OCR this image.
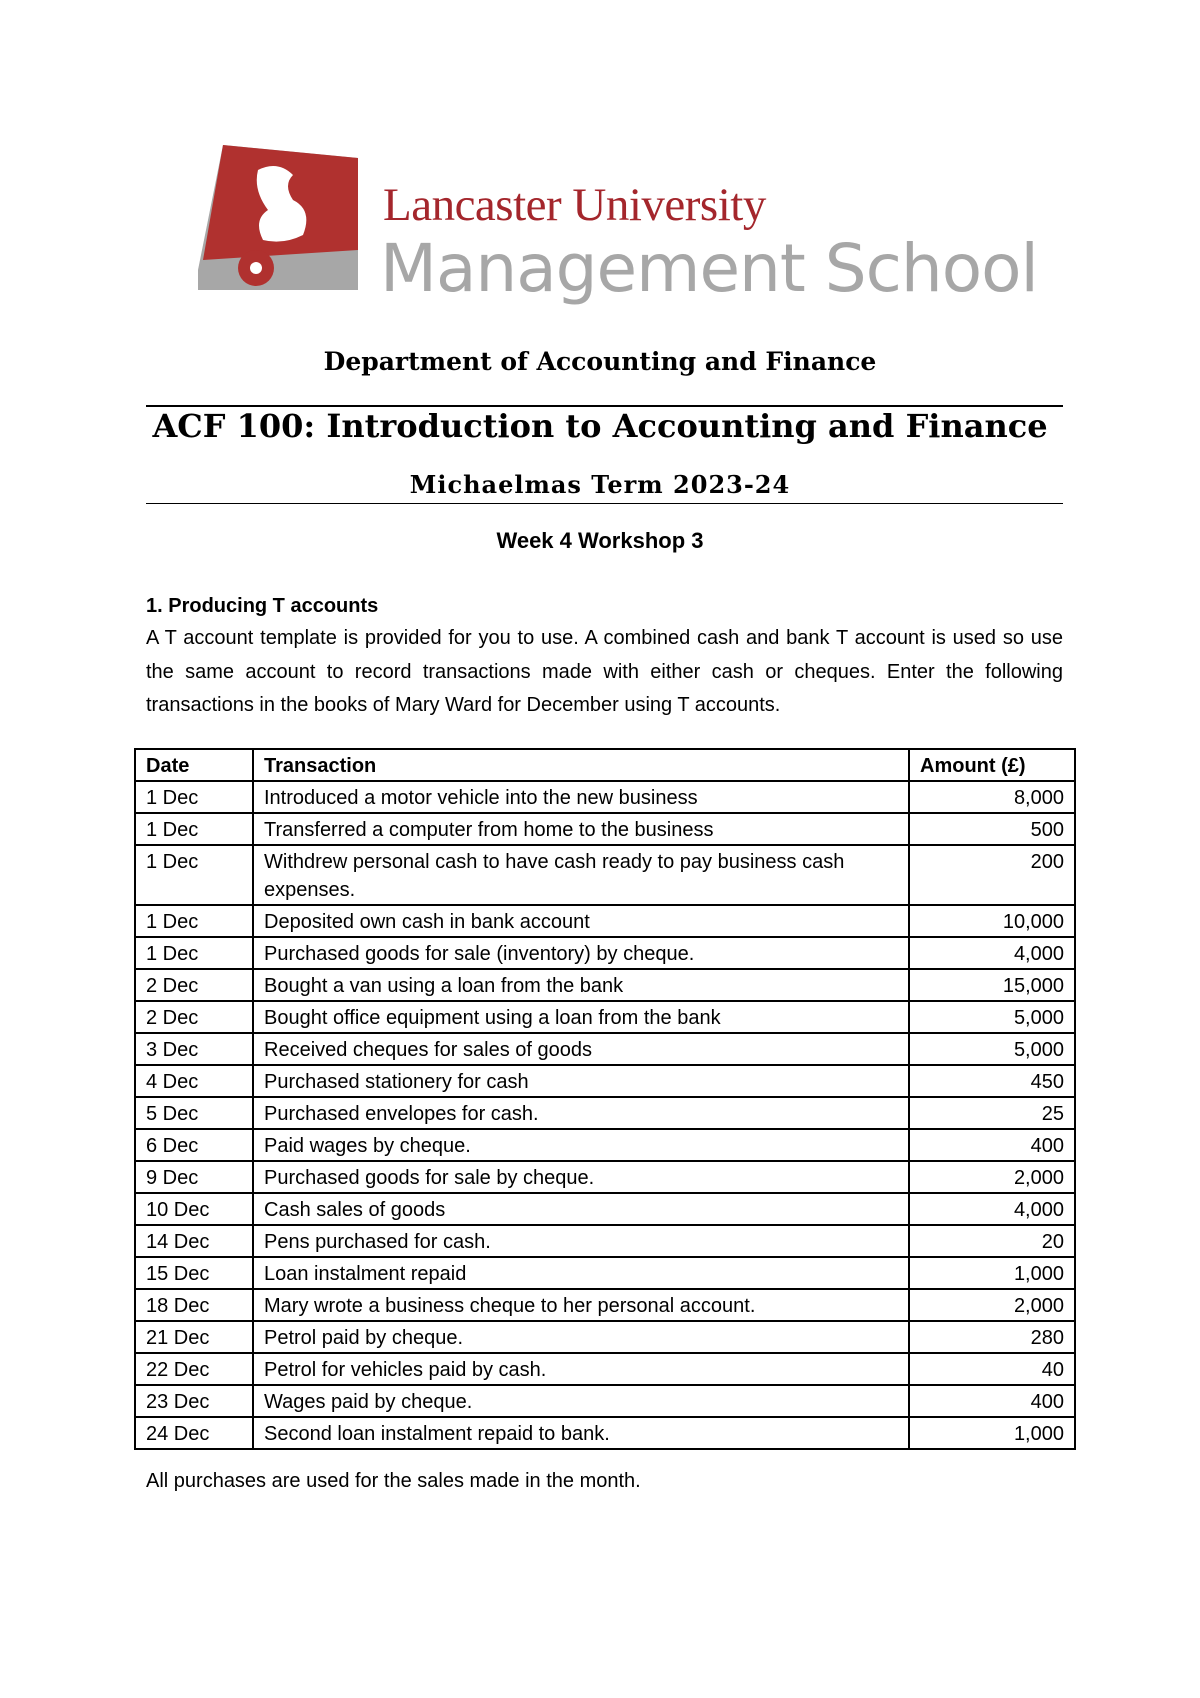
Lancaster University
Management School
Department of Accounting and Finance
ACF 100: Introduction to Accounting and Finance
Michaelmas Term 2023-24
Week 4 Workshop 3
1. Producing T accounts
A T account template is provided for you to use. A combined cash and bank T account is used so use the same account to record transactions made with either cash or cheques. Enter the following transactions in the books of Mary Ward for December using T accounts.
Date	Transaction	Amount (£)
1 Dec	Introduced a motor vehicle into the new business	8,000
1 Dec	Transferred a computer from home to the business	500
1 Dec	Withdrew personal cash to have cash ready to pay business cash expenses.	200
1 Dec	Deposited own cash in bank account	10,000
1 Dec	Purchased goods for sale (inventory) by cheque.	4,000
2 Dec	Bought a van using a loan from the bank	15,000
2 Dec	Bought office equipment using a loan from the bank	5,000
3 Dec	Received cheques for sales of goods	5,000
4 Dec	Purchased stationery for cash	450
5 Dec	Purchased envelopes for cash.	25
6 Dec	Paid wages by cheque.	400
9 Dec	Purchased goods for sale by cheque.	2,000
10 Dec	Cash sales of goods	4,000
14 Dec	Pens purchased for cash.	20
15 Dec	Loan instalment repaid	1,000
18 Dec	Mary wrote a business cheque to her personal account.	2,000
21 Dec	Petrol paid by cheque.	280
22 Dec	Petrol for vehicles paid by cash.	40
23 Dec	Wages paid by cheque.	400
24 Dec	Second loan instalment repaid to bank.	1,000
All purchases are used for the sales made in the month.
